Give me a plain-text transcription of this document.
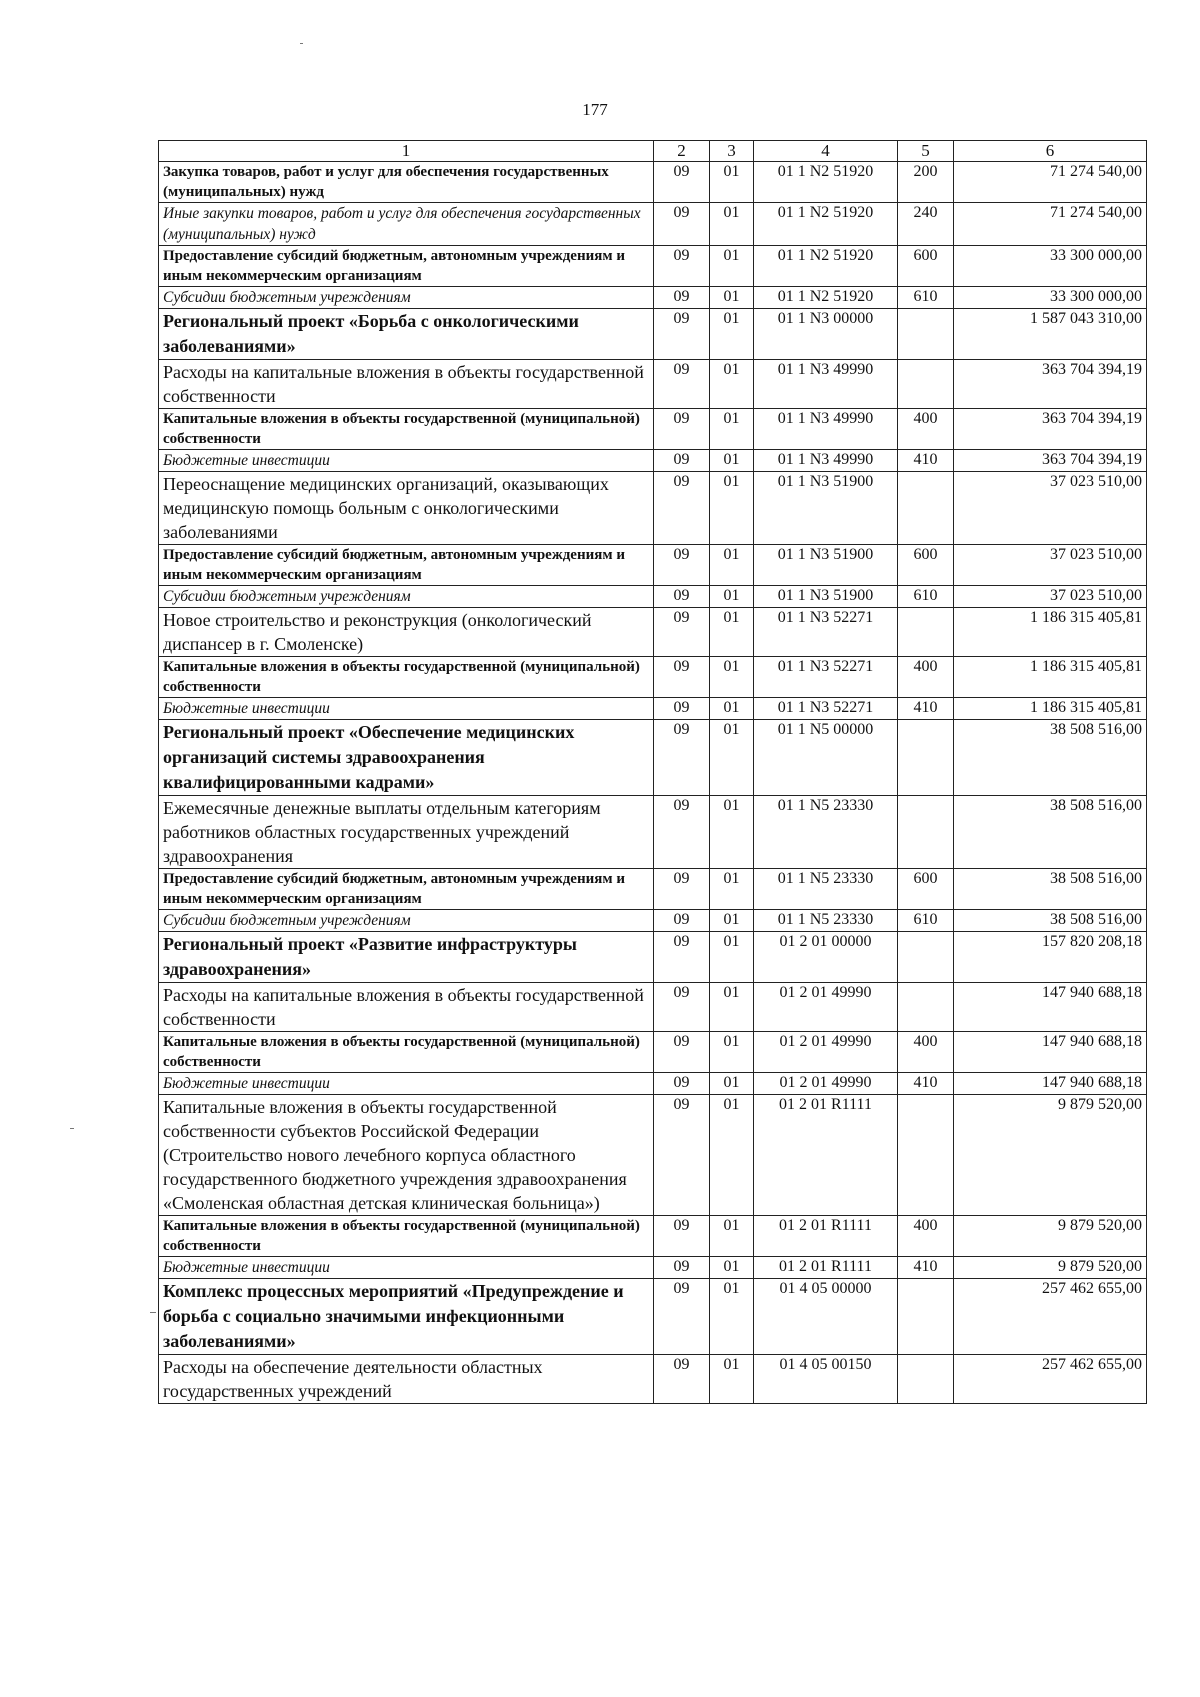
177
1	2	3	4	5	6
Закупка товаров, работ и услуг для обеспечения государственных (муниципальных) нужд	09	01	01 1 N2 51920	200	71 274 540,00
Иные закупки товаров, работ и услуг для обеспечения государственных (муниципальных) нужд	09	01	01 1 N2 51920	240	71 274 540,00
Предоставление субсидий бюджетным, автономным учреждениям и иным некоммерческим организациям	09	01	01 1 N2 51920	600	33 300 000,00
Субсидии бюджетным учреждениям	09	01	01 1 N2 51920	610	33 300 000,00
Региональный проект «Борьба с онкологическими заболеваниями»	09	01	01 1 N3 00000		1 587 043 310,00
Расходы на капитальные вложения в объекты государственной собственности	09	01	01 1 N3 49990		363 704 394,19
Капитальные вложения в объекты государственной (муниципальной) собственности	09	01	01 1 N3 49990	400	363 704 394,19
Бюджетные инвестиции	09	01	01 1 N3 49990	410	363 704 394,19
Переоснащение медицинских организаций, оказывающих медицинскую помощь больным с онкологическими заболеваниями	09	01	01 1 N3 51900		37 023 510,00
Предоставление субсидий бюджетным, автономным учреждениям и иным некоммерческим организациям	09	01	01 1 N3 51900	600	37 023 510,00
Субсидии бюджетным учреждениям	09	01	01 1 N3 51900	610	37 023 510,00
Новое строительство и реконструкция (онкологический диспансер в г. Смоленске)	09	01	01 1 N3 52271		1 186 315 405,81
Капитальные вложения в объекты государственной (муниципальной) собственности	09	01	01 1 N3 52271	400	1 186 315 405,81
Бюджетные инвестиции	09	01	01 1 N3 52271	410	1 186 315 405,81
Региональный проект «Обеспечение медицинских организаций системы здравоохранения квалифицированными кадрами»	09	01	01 1 N5 00000		38 508 516,00
Ежемесячные денежные выплаты отдельным категориям работников областных государственных учреждений здравоохранения	09	01	01 1 N5 23330		38 508 516,00
Предоставление субсидий бюджетным, автономным учреждениям и иным некоммерческим организациям	09	01	01 1 N5 23330	600	38 508 516,00
Субсидии бюджетным учреждениям	09	01	01 1 N5 23330	610	38 508 516,00
Региональный проект «Развитие инфраструктуры здравоохранения»	09	01	01 2 01 00000		157 820 208,18
Расходы на капитальные вложения в объекты государственной собственности	09	01	01 2 01 49990		147 940 688,18
Капитальные вложения в объекты государственной (муниципальной) собственности	09	01	01 2 01 49990	400	147 940 688,18
Бюджетные инвестиции	09	01	01 2 01 49990	410	147 940 688,18
Капитальные вложения в объекты государственной собственности субъектов Российской Федерации (Строительство нового лечебного корпуса областного государственного бюджетного учреждения здравоохранения «Смоленская областная детская клиническая больница»)	09	01	01 2 01 R1111		9 879 520,00
Капитальные вложения в объекты государственной (муниципальной) собственности	09	01	01 2 01 R1111	400	9 879 520,00
Бюджетные инвестиции	09	01	01 2 01 R1111	410	9 879 520,00
Комплекс процессных мероприятий «Предупреждение и борьба с социально значимыми инфекционными заболеваниями»	09	01	01 4 05 00000		257 462 655,00
Расходы на обеспечение деятельности областных государственных учреждений	09	01	01 4 05 00150		257 462 655,00
